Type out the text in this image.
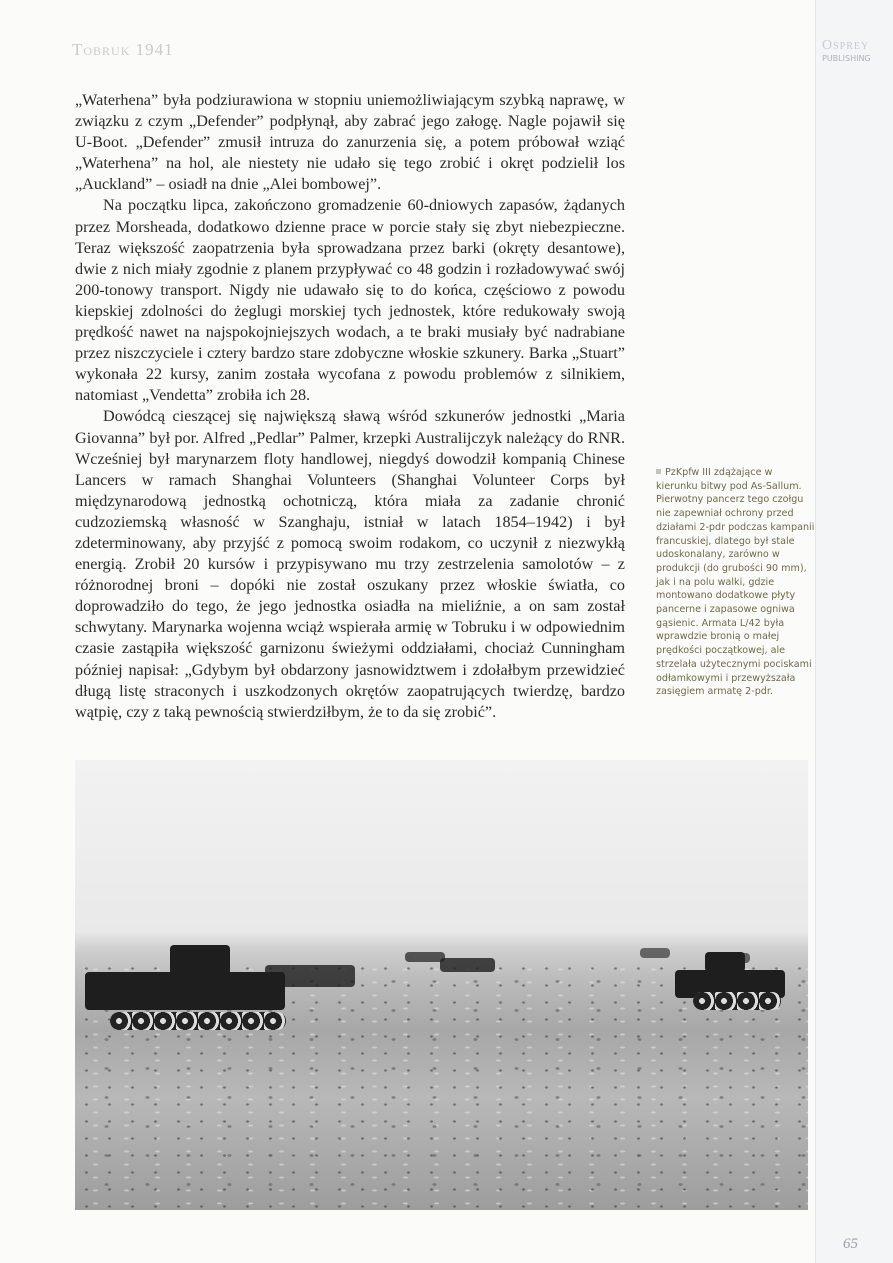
Tobruk 1941	Osprey
PUBLISHING

„Waterhena” była podziurawiona w stopniu uniemożliwiającym szybką naprawę, w związku z czym „Defender” podpłynął, aby zabrać jego załogę. Nagle pojawił się U-Boot. „Defender” zmusił intruza do zanurzenia się, a potem próbował wziąć „Waterhena” na hol, ale niestety nie udało się tego zrobić i okręt podzielił los „Auckland” – osiadł na dnie „Alei bombowej”.

Na początku lipca, zakończono gromadzenie 60-dniowych zapasów, żądanych przez Morsheada, dodatkowo dzienne prace w porcie stały się zbyt niebezpieczne. Teraz większość zaopatrzenia była sprowadzana przez barki (okręty desantowe), dwie z nich miały zgodnie z planem przypływać co 48 godzin i rozładowywać swój 200-tonowy transport. Nigdy nie udawało się to do końca, częściowo z powodu kiepskiej zdolności do żeglugi morskiej tych jednostek, które redukowały swoją prędkość nawet na najspokojniejszych wodach, a te braki musiały być nadrabiane przez niszczyciele i cztery bardzo stare zdobyczne włoskie szkunery. Barka „Stuart” wykonała 22 kursy, zanim została wycofana z powodu problemów z silnikiem, natomiast „Vendetta” zrobiła ich 28.

Dowódcą cieszącej się największą sławą wśród szkunerów jednostki „Maria Giovanna” był por. Alfred „Pedlar” Palmer, krzepki Australijczyk należący do RNR. Wcześniej był marynarzem floty handlowej, niegdyś dowodził kompanią Chinese Lancers w ramach Shanghai Volunteers (Shanghai Volunteer Corps był międzynarodową jednostką ochotniczą, która miała za zadanie chronić cudzoziemską własność w Szanghaju, istniał w latach 1854–1942) i był zdeterminowany, aby przyjść z pomocą swoim rodakom, co uczynił z niezwykłą energią. Zrobił 20 kursów i przypisywano mu trzy zestrzelenia samolotów – z różnorodnej broni – dopóki nie został oszukany przez włoskie światła, co doprowadziło do tego, że jego jednostka osiadła na mieliźnie, a on sam został schwytany. Marynarka wojenna wciąż wspierała armię w Tobruku i w odpowiednim czasie zastąpiła większość garnizonu świeżymi oddziałami, chociaż Cunningham później napisał: „Gdybym był obdarzony jasnowidztwem i zdołałbym przewidzieć długą listę straconych i uszkodzonych okrętów zaopatrujących twierdzę, bardzo wątpię, czy z taką pewnością stwierdziłbym, że to da się zrobić”.

PzKpfw III zdążające w kierunku bitwy pod As-Sallum. Pierwotny pancerz tego czołgu nie zapewniał ochrony przed działami 2-pdr podczas kampanii francuskiej, dlatego był stale udoskonalany, zarówno w produkcji (do grubości 90 mm), jak i na polu walki, gdzie montowano dodatkowe płyty pancerne i zapasowe ogniwa gąsienic. Armata L/42 była wprawdzie bronią o małej prędkości początkowej, ale strzelała użytecznymi pociskami odłamkowymi i przewyższała zasięgiem armatę 2-pdr.
65
